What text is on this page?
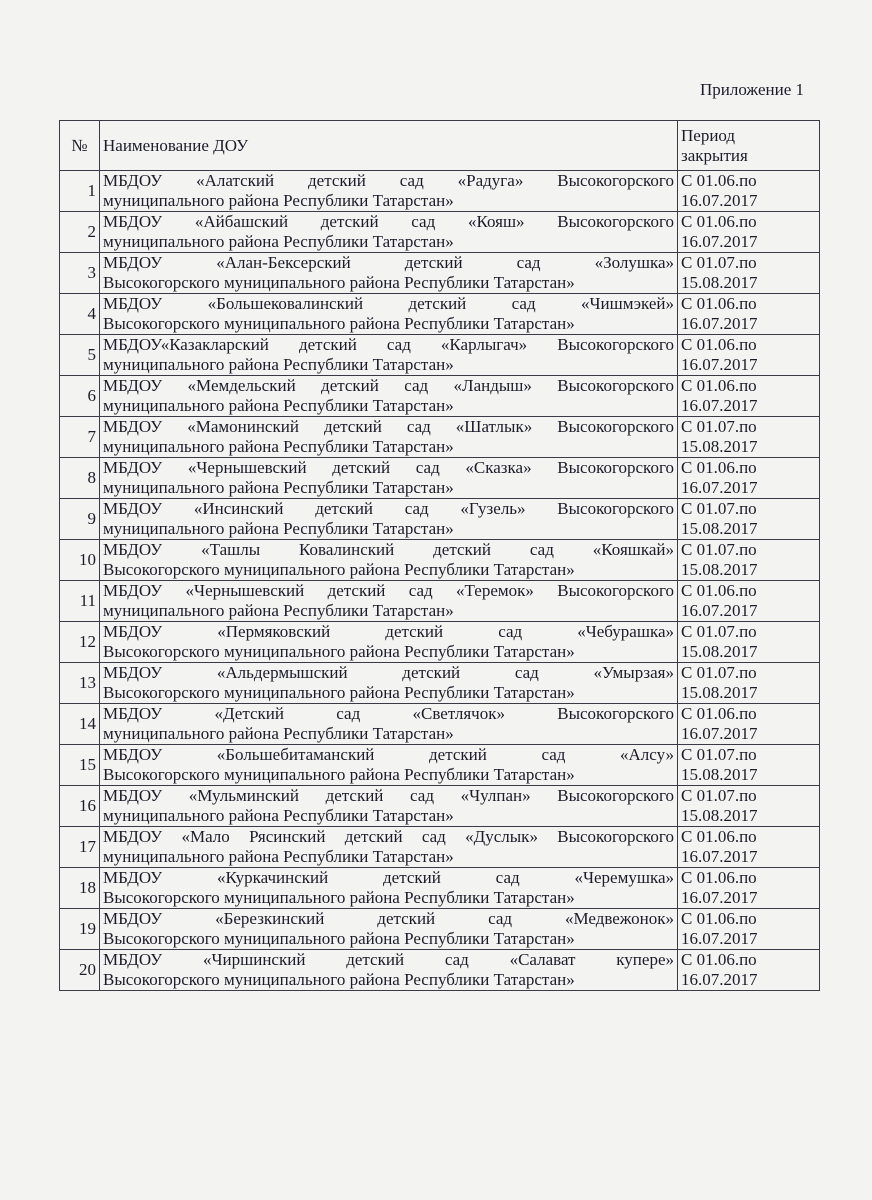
Приложение 1
№	Наименование ДОУ	Период
закрытия

1	МБДОУ «Алатский детский сад «Радуга» Высокогорского
муниципального района Республики Татарстан»	С 01.06.по
16.07.2017

2	МБДОУ «Айбашский детский сад «Кояш» Высокогорского
муниципального района Республики Татарстан»	С 01.06.по
16.07.2017

3	МБДОУ «Алан-Бексерский детский сад «Золушка»
Высокогорского муниципального района Республики Татарстан»	С 01.07.по
15.08.2017

4	МБДОУ «Большековалинский детский сад «Чишмэкей»
Высокогорского муниципального района Республики Татарстан»	С 01.06.по
16.07.2017

5	МБДОУ«Казакларский детский сад «Карлыгач» Высокогорского
муниципального района Республики Татарстан»	С 01.06.по
16.07.2017

6	МБДОУ «Мемдельский детский сад «Ландыш» Высокогорского
муниципального района Республики Татарстан»	С 01.06.по
16.07.2017

7	МБДОУ «Мамонинский детский сад «Шатлык» Высокогорского
муниципального района Республики Татарстан»	С 01.07.по
15.08.2017

8	МБДОУ «Чернышевский детский сад «Сказка» Высокогорского
муниципального района Республики Татарстан»	С 01.06.по
16.07.2017

9	МБДОУ «Инсинский детский сад «Гузель» Высокогорского
муниципального района Республики Татарстан»	С 01.07.по
15.08.2017

10	МБДОУ «Ташлы Ковалинский детский сад «Кояшкай»
Высокогорского муниципального района Республики Татарстан»	С 01.07.по
15.08.2017

11	МБДОУ «Чернышевский детский сад «Теремок» Высокогорского
муниципального района Республики Татарстан»	С 01.06.по
16.07.2017

12	МБДОУ «Пермяковский детский сад «Чебурашка»
Высокогорского муниципального района Республики Татарстан»	С 01.07.по
15.08.2017

13	МБДОУ «Альдермышский детский сад «Умырзая»
Высокогорского муниципального района Республики Татарстан»	С 01.07.по
15.08.2017

14	МБДОУ «Детский сад «Светлячок» Высокогорского
муниципального района Республики Татарстан»	С 01.06.по
16.07.2017

15	МБДОУ «Большебитаманский детский сад «Алсу»
Высокогорского муниципального района Республики Татарстан»	С 01.07.по
15.08.2017

16	МБДОУ «Мульминский детский сад «Чулпан» Высокогорского
муниципального района Республики Татарстан»	С 01.07.по
15.08.2017

17	МБДОУ «Мало Рясинский детский сад «Дуслык» Высокогорского
муниципального района Республики Татарстан»	С 01.06.по
16.07.2017

18	МБДОУ «Куркачинский детский сад «Черемушка»
Высокогорского муниципального района Республики Татарстан»	С 01.06.по
16.07.2017

19	МБДОУ «Березкинский детский сад «Медвежонок»
Высокогорского муниципального района Республики Татарстан»	С 01.06.по
16.07.2017

20	МБДОУ «Чиршинский детский сад «Салават купере»
Высокогорского муниципального района Республики Татарстан»	С 01.06.по
16.07.2017
